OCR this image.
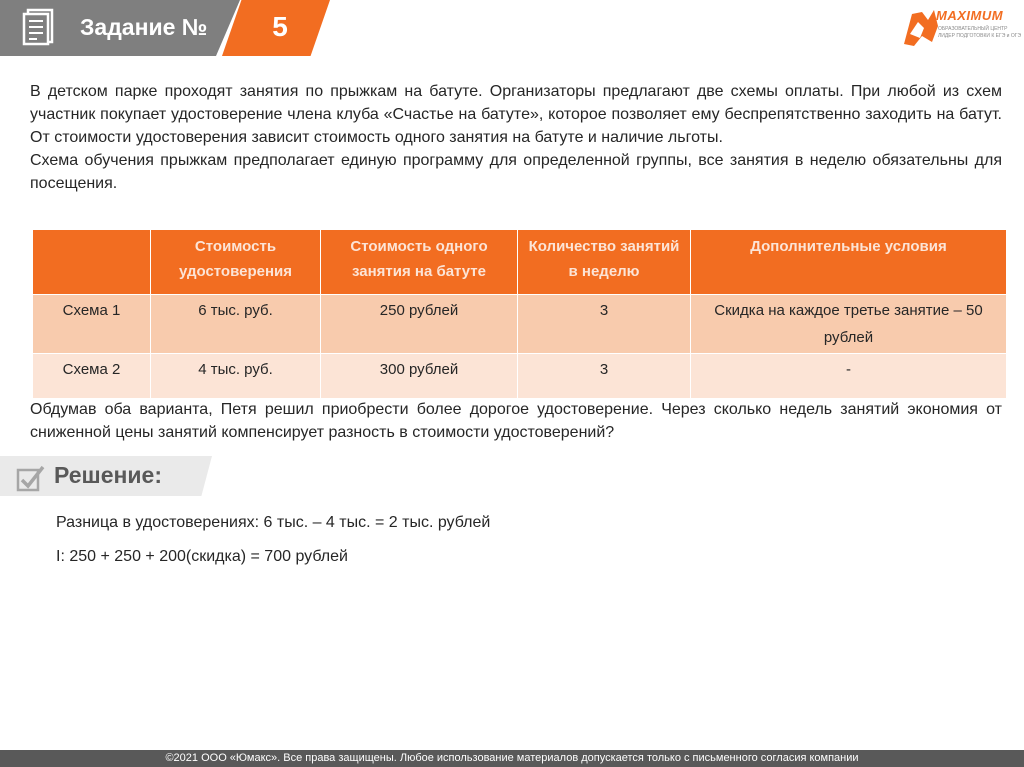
Задание №	5	MAXIMUM
ОБРАЗОВАТЕЛЬНЫЙ ЦЕНТР
ЛИДЕР ПОДГОТОВКИ К ЕГЭ и ОГЭ

В детском парке проходят занятия по прыжкам на батуте. Организаторы предлагают две схемы оплаты. При любой из схем участник покупает удостоверение члена клуба «Счастье на батуте», которое позволяет ему беспрепятственно заходить на батут. От стоимости удостоверения зависит стоимость одного занятия на батуте и наличие льготы.

Схема обучения прыжкам предполагает единую программу для определенной группы, все занятия в неделю обязательны для посещения.

	Стоимость удостоверения	Стоимость одного занятия на батуте	Количество занятий в неделю	Дополнительные условия
Схема 1	6 тыс. руб.	250 рублей	3	Скидка на каждое третье занятие – 50 рублей
Схема 2	4 тыс. руб.	300 рублей	3	-
Обдумав оба варианта, Петя решил приобрести более дорогое удостоверение. Через сколько недель занятий экономия от сниженной цены занятий компенсирует разность в стоимости удостоверений?
Решение:
Разница в удостоверениях: 6 тыс. – 4 тыс. = 2 тыс. рублей
I: 250 + 250 + 200(скидка) = 700 рублей
©2021 ООО «Юмакс». Все права защищены. Любое использование материалов допускается только с письменного согласия компании
